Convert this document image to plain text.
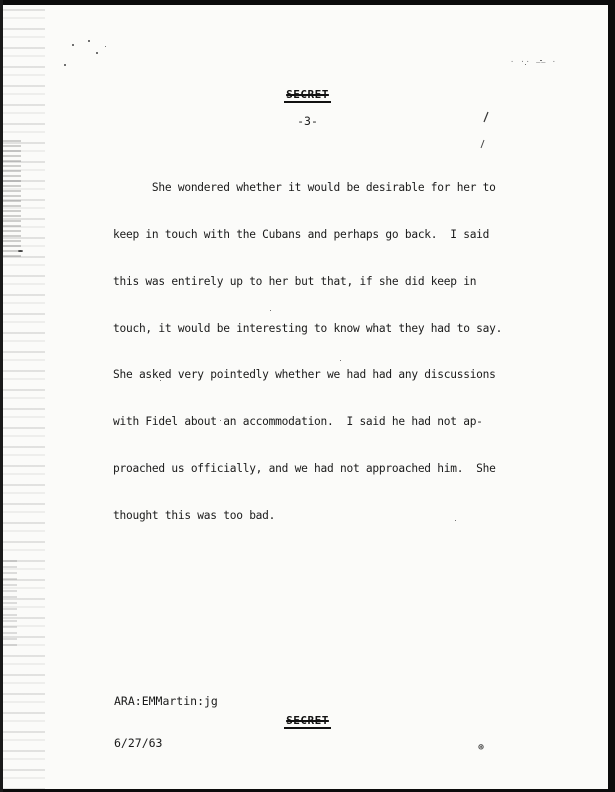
· ·· —— ·
SECRET
-3-

She wondered whether it would be desirable for her to

keep in touch with the Cubans and perhaps go back.  I said

this was entirely up to her but that, if she did keep in

touch, it would be interesting to know what they had to say.

She asked very pointedly whether we had had any discussions

with Fidel about an accommodation.  I said he had not ap-

proached us officially, and we had not approached him.  She

thought this was too bad.

ARA:EMMartin:jg

6/27/63

SECRET
⊛
